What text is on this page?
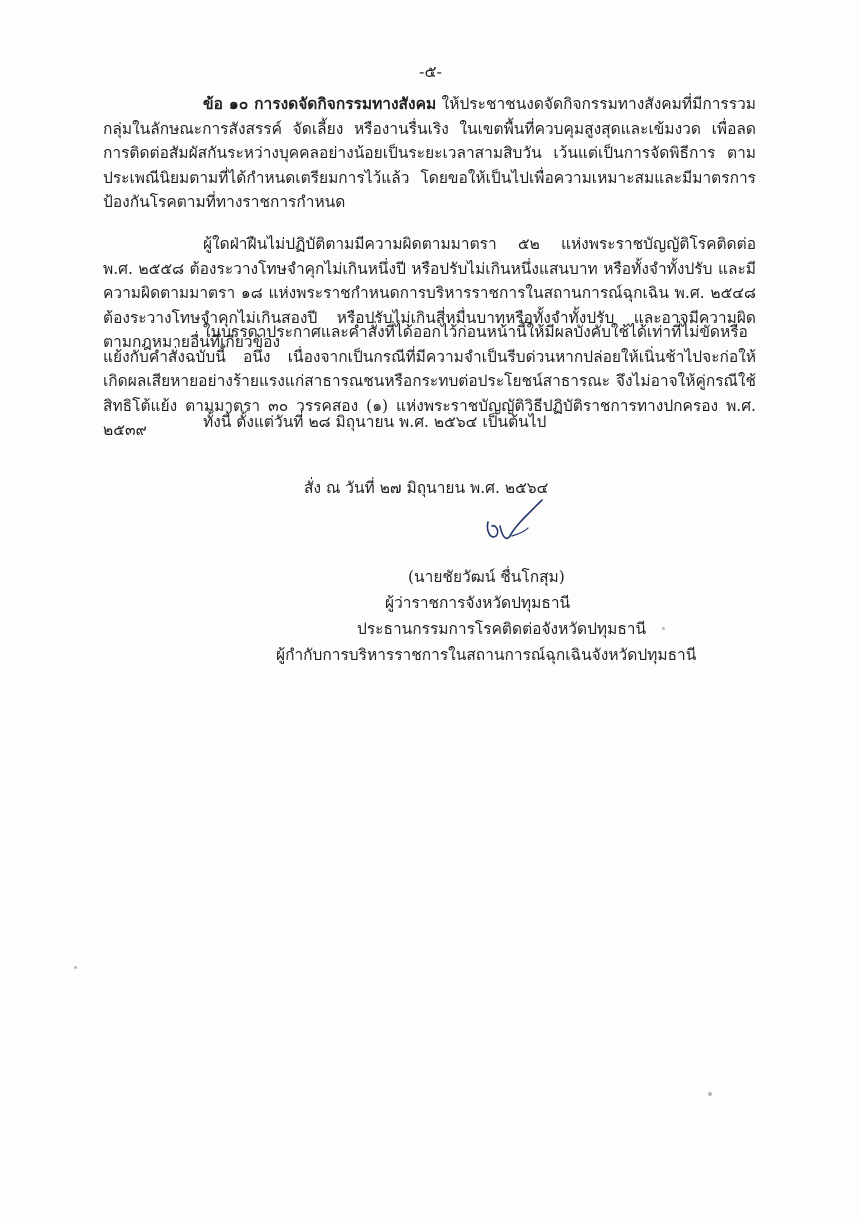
-๕-

ข้อ ๑๐ การงดจัดกิจกรรมทางสังคม ให้ประชาชนงดจัดกิจกรรมทางสังคมที่มีการรวมกลุ่มในลักษณะการสังสรรค์ จัดเลี้ยง หรืองานรื่นเริง ในเขตพื้นที่ควบคุมสูงสุดและเข้มงวด เพื่อลดการติดต่อสัมผัสกันระหว่างบุคคลอย่างน้อยเป็นระยะเวลาสามสิบวัน เว้นแต่เป็นการจัดพิธีการ ตามประเพณีนิยมตามที่ได้กำหนดเตรียมการไว้แล้ว โดยขอให้เป็นไปเพื่อความเหมาะสมและมีมาตรการป้องกันโรคตามที่ทางราชการกำหนด

ผู้ใดฝ่าฝืนไม่ปฏิบัติตามมีความผิดตามมาตรา ๕๒ แห่งพระราชบัญญัติโรคติดต่อ พ.ศ. ๒๕๕๘ ต้องระวางโทษจำคุกไม่เกินหนึ่งปี หรือปรับไม่เกินหนึ่งแสนบาท หรือทั้งจำทั้งปรับ และมีความผิดตามมาตรา ๑๘ แห่งพระราชกำหนดการบริหารราชการในสถานการณ์ฉุกเฉิน พ.ศ. ๒๕๔๘ ต้องระวางโทษจำคุกไม่เกินสองปี หรือปรับไม่เกินสี่หมื่นบาทหรือทั้งจำทั้งปรับ และอาจมีความผิดตามกฎหมายอื่นที่เกี่ยวข้อง

ในบรรดาประกาศและคำสั่งที่ได้ออกไว้ก่อนหน้านี้ให้มีผลบังคับใช้ได้เท่าที่ไม่ขัดหรือแย้งกับคำสั่งฉบับนี้ อนึ่ง เนื่องจากเป็นกรณีที่มีความจำเป็นรีบด่วนหากปล่อยให้เนิ่นช้าไปจะก่อให้เกิดผลเสียหายอย่างร้ายแรงแก่สาธารณชนหรือกระทบต่อประโยชน์สาธารณะ จึงไม่อาจให้คู่กรณีใช้สิทธิโต้แย้ง ตามมาตรา ๓๐ วรรคสอง (๑) แห่งพระราชบัญญัติวิธีปฏิบัติราชการทางปกครอง พ.ศ. ๒๕๓๙	ทั้งนี้ ตั้งแต่วันที่ ๒๘ มิถุนายน พ.ศ. ๒๕๖๔ เป็นต้นไป

สั่ง ณ วันที่ ๒๗ มิถุนายน พ.ศ. ๒๕๖๔
(นายชัยวัฒน์ ชื่นโกสุม)
ผู้ว่าราชการจังหวัดปทุมธานี
ประธานกรรมการโรคติดต่อจังหวัดปทุมธานี
ผู้กำกับการบริหารราชการในสถานการณ์ฉุกเฉินจังหวัดปทุมธานี
